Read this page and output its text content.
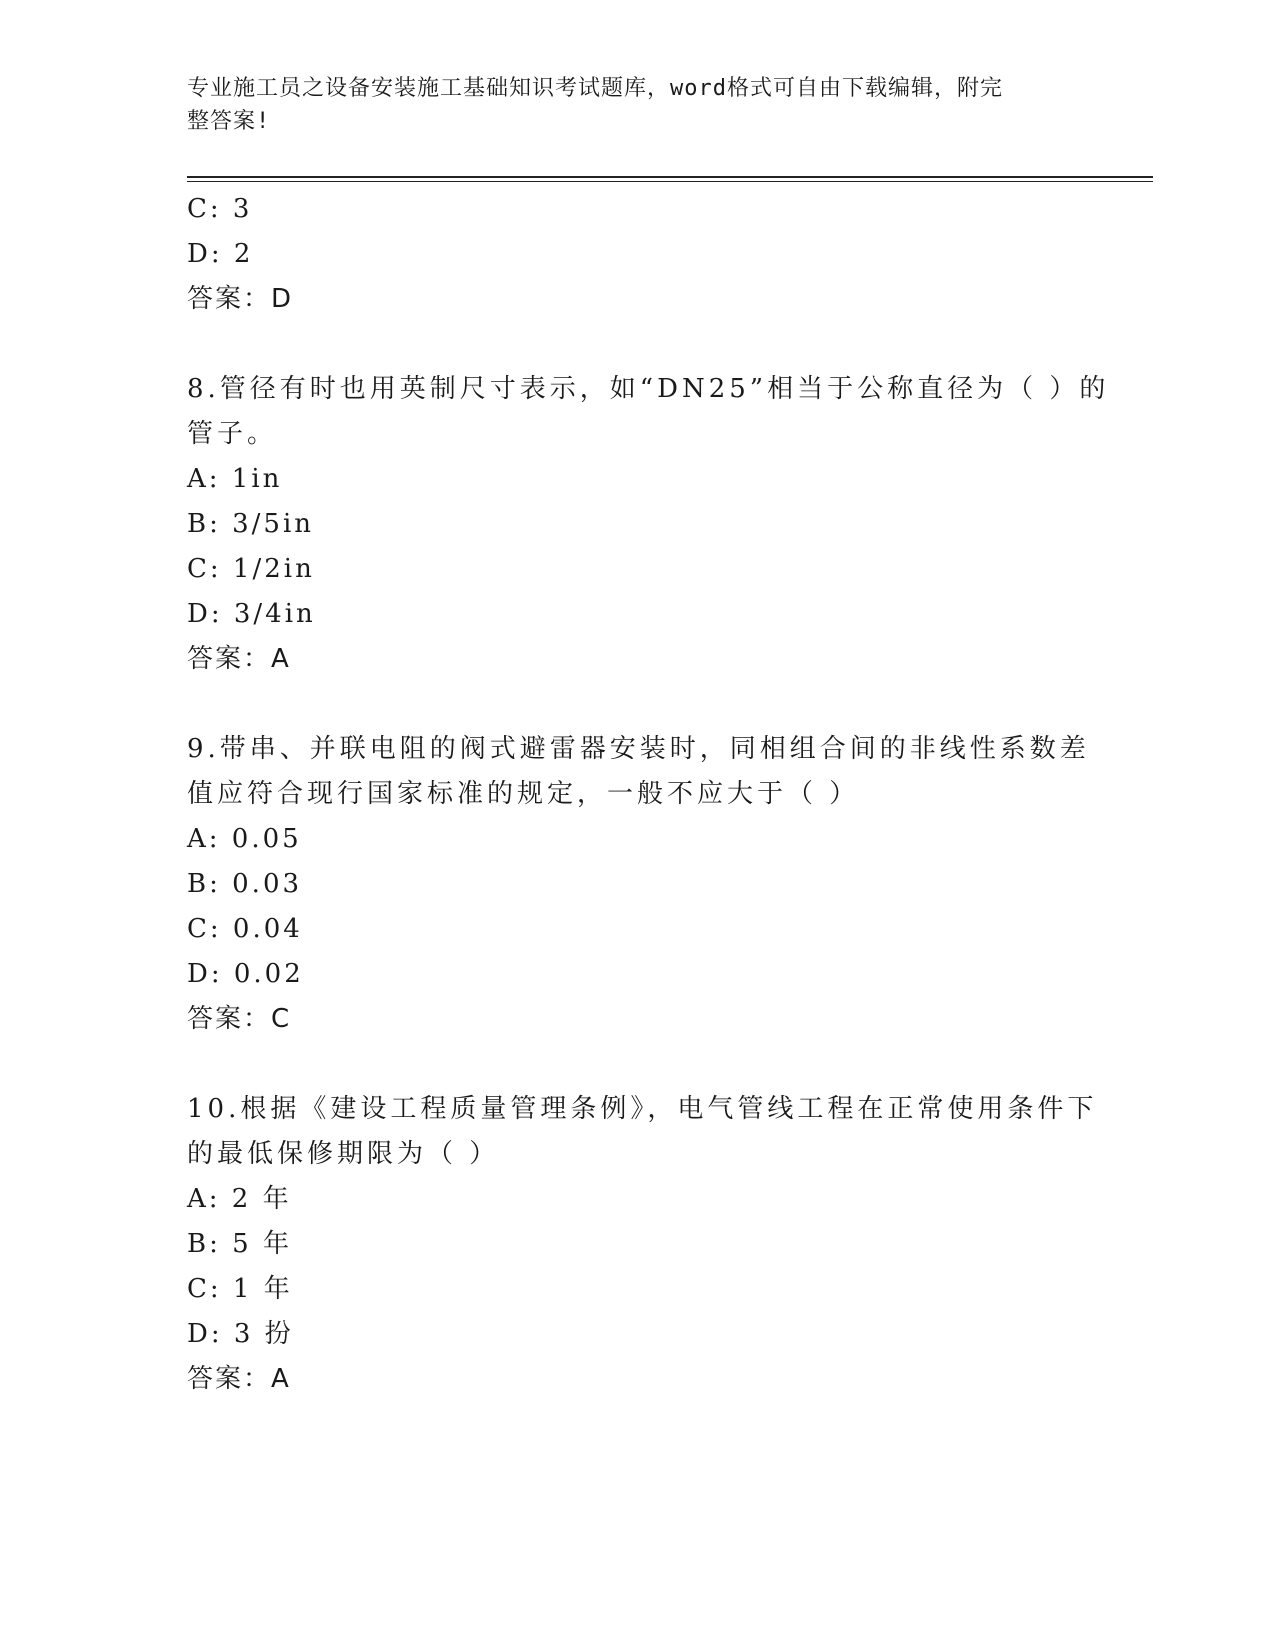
专业施工员之设备安装施工基础知识考试题库，word格式可自由下载编辑，附完
整答案!
C: 3
D: 2
答案：D
8.管径有时也用英制尺寸表示，如“DN25”相当于公称直径为（ ）的
管子。
A: 1in
B: 3/5in
C: 1/2in
D: 3/4in
答案：A
9.带串、并联电阻的阀式避雷器安装时，同相组合间的非线性系数差
值应符合现行国家标准的规定，一般不应大于（ ）
A: 0.05
B: 0.03
C: 0.04
D: 0.02
答案：C
10.根据《建设工程质量管理条例》，电气管线工程在正常使用条件下
的最低保修期限为（ ）
A: 2 年
B: 5 年
C: 1 年
D: 3 扮
答案：A
